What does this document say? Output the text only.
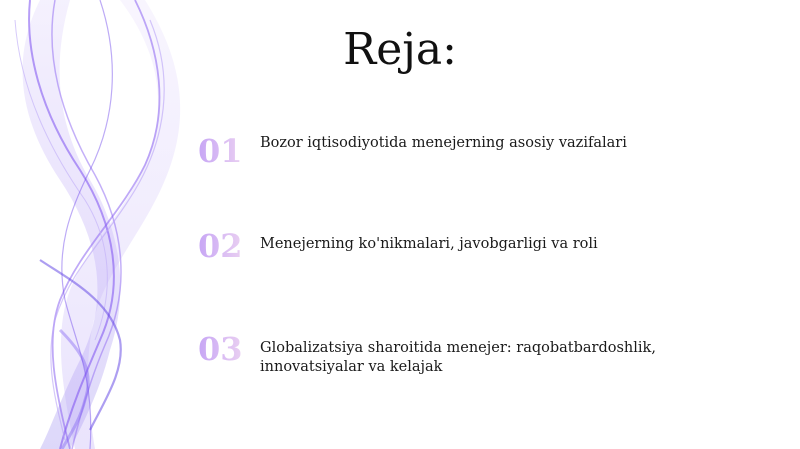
Reja:
01 Bozor iqtisodiyotida menejerning asosiy vazifalari
02 Menejerning ko'nikmalari, javobgarligi va roli
03 Globalizatsiya sharoitida menejer: raqobatbardoshlik, innovatsiyalar va kelajak
